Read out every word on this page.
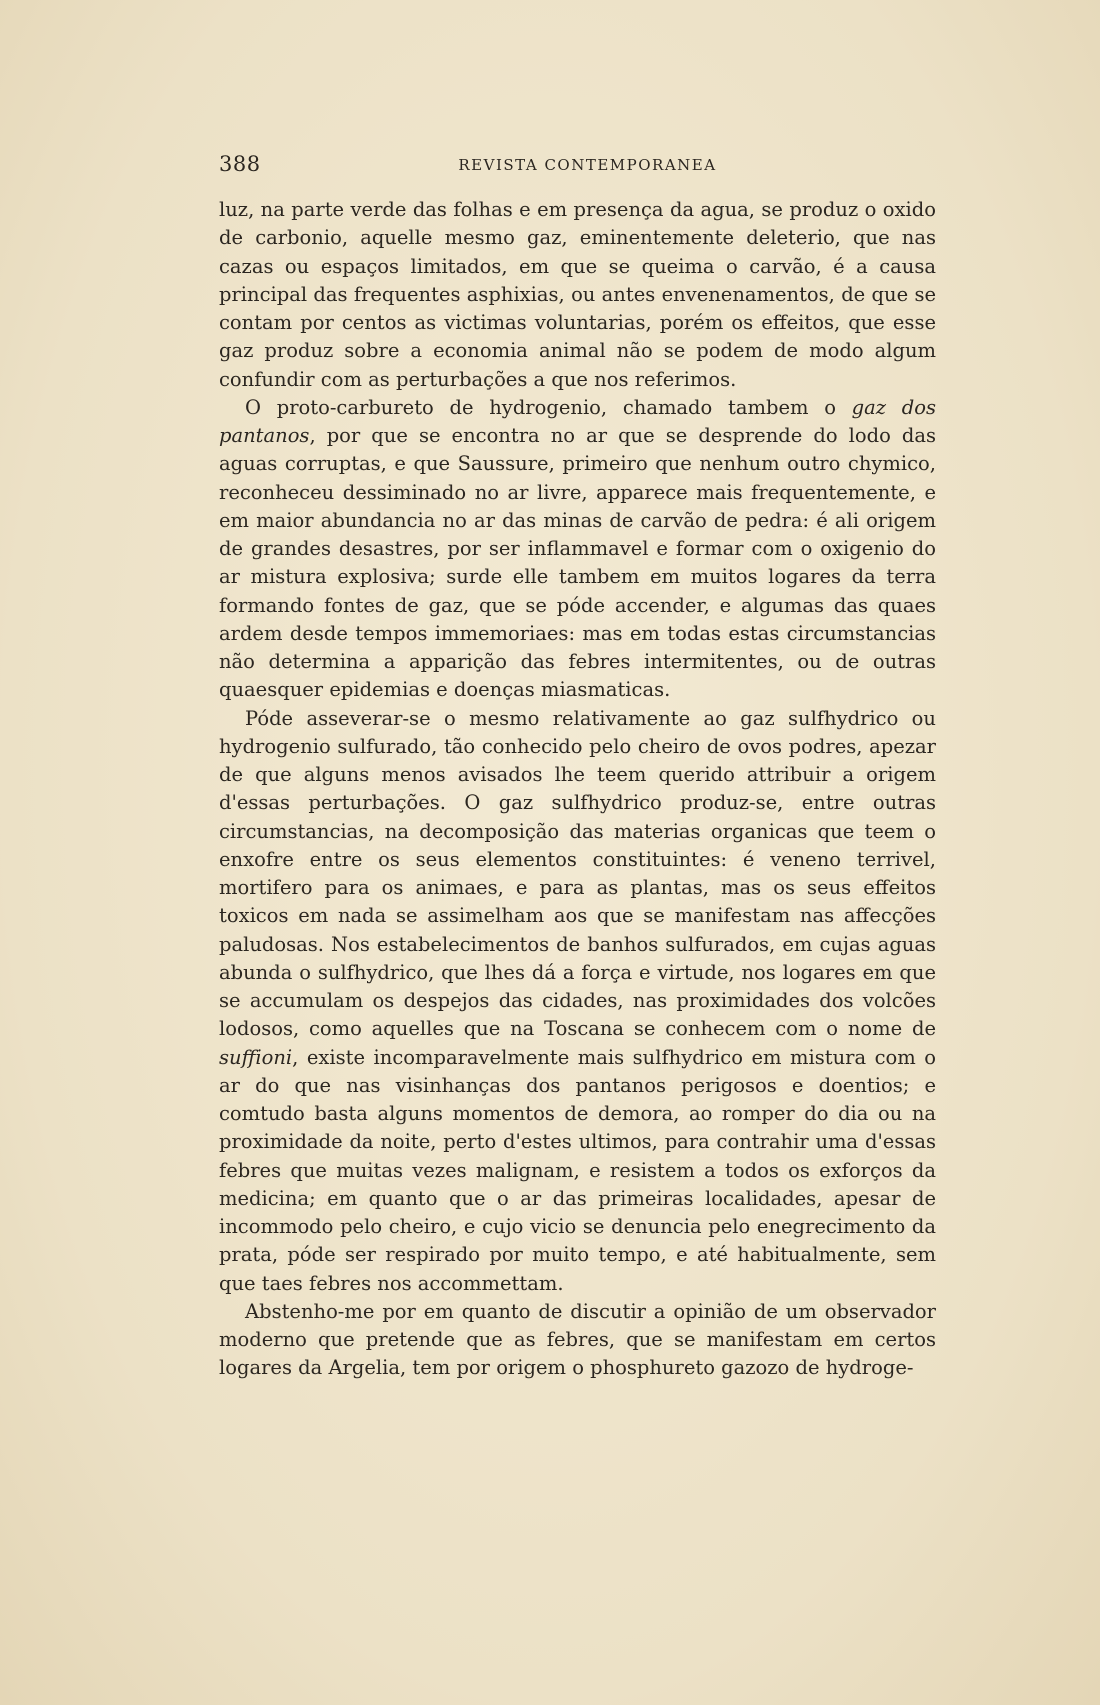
388	REVISTA CONTEMPORANEA

luz, na parte verde das folhas e em presença da agua, se produz o oxido de carbonio, aquelle mesmo gaz, eminentemente deleterio, que nas cazas ou espaços limitados, em que se queima o carvão, é a causa principal das frequentes asphixias, ou antes envenenamentos, de que se contam por centos as victimas voluntarias, porém os effeitos, que esse gaz produz sobre a economia animal não se podem de modo algum confundir com as perturbações a que nos referimos.

O proto-carbureto de hydrogenio, chamado tambem o gaz dos pantanos, por que se encontra no ar que se desprende do lodo das aguas corruptas, e que Saussure, primeiro que nenhum outro chymico, reconheceu dessiminado no ar livre, apparece mais frequentemente, e em maior abundancia no ar das minas de carvão de pedra: é ali origem de grandes desastres, por ser inflammavel e formar com o oxigenio do ar mistura explosiva; surde elle tambem em muitos logares da terra formando fontes de gaz, que se póde accender, e algumas das quaes ardem desde tempos immemoriaes: mas em todas estas circumstancias não determina a apparição das febres intermitentes, ou de outras quaesquer epidemias e doenças miasmaticas.

Póde asseverar-se o mesmo relativamente ao gaz sulfhydrico ou hydrogenio sulfurado, tão conhecido pelo cheiro de ovos podres, apezar de que alguns menos avisados lhe teem querido attribuir a origem d'essas perturbações. O gaz sulfhydrico produz-se, entre outras circumstancias, na decomposição das materias organicas que teem o enxofre entre os seus elementos constituintes: é veneno terrivel, mortifero para os animaes, e para as plantas, mas os seus effeitos toxicos em nada se assimelham aos que se manifestam nas affecções paludosas. Nos estabelecimentos de banhos sulfurados, em cujas aguas abunda o sulfhydrico, que lhes dá a força e virtude, nos logares em que se accumulam os despejos das cidades, nas proximidades dos volcões lodosos, como aquelles que na Toscana se conhecem com o nome de suffioni, existe incomparavelmente mais sulfhydrico em mistura com o ar do que nas visinhanças dos pantanos perigosos e doentios; e comtudo basta alguns momentos de demora, ao romper do dia ou na proximidade da noite, perto d'estes ultimos, para contrahir uma d'essas febres que muitas vezes malignam, e resistem a todos os exforços da medicina; em quanto que o ar das primeiras localidades, apesar de incommodo pelo cheiro, e cujo vicio se denuncia pelo enegrecimento da prata, póde ser respirado por muito tempo, e até habitualmente, sem que taes febres nos accommettam.

Abstenho-me por em quanto de discutir a opinião de um observador moderno que pretende que as febres, que se manifestam em certos logares da Argelia, tem por origem o phosphureto gazozo de hydroge-
